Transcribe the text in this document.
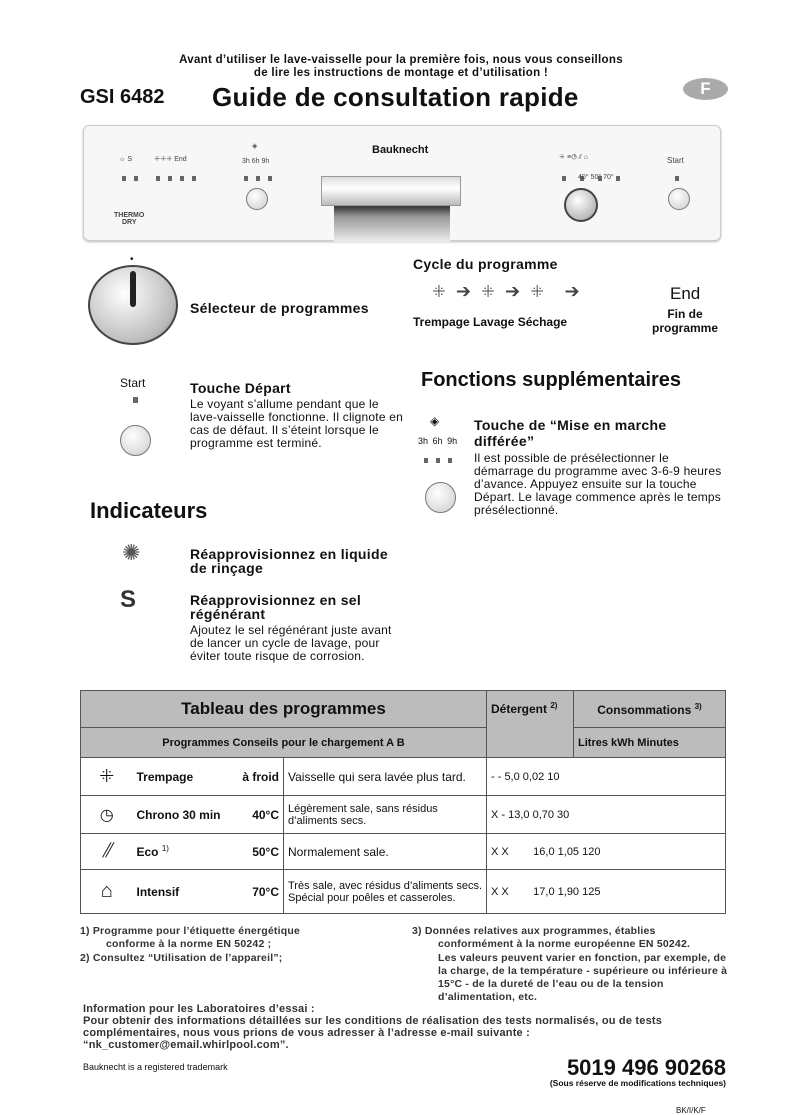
Avant d’utiliser le lave-vaisselle pour la première fois, nous vous conseillons
de lire les instructions de montage et d’utilisation !
GSI 6482 Guide de consultation rapide	F
☼ S	ꔰꔰꔰ End
◈
3h 6h 9h
THERMO
DRY
Bauknecht
ꔰ ≡◷ ⫽ ⌂
40° 50° 70°
Start
•
Sélecteur de programmes
Cycle du programme
ꔰ ➔ ꔰ ➔ ꔰ  ➔	End
Trempage Lavage Séchage
Fin de programme
Start	Touche Départ
Le voyant s’allume pendant que le lave-vaisselle fonctionne. Il clignote en cas de défaut. Il s’éteint lorsque le programme est terminé.
Fonctions supplémentaires
◈
3h 6h 9h
Touche de “Mise en marche différée”
Il est possible de présélectionner le démarrage du programme avec 3-6-9 heures d’avance. Appuyez ensuite sur la touche Départ. Le lavage commence après le temps présélectionné.
Indicateurs
✺
S
Réapprovisionnez en liquide de rinçage
Réapprovisionnez en sel régénérant
Ajoutez le sel régénérant juste avant de lancer un cycle de lavage, pour éviter toute risque de corrosion.
Tableau des programmes				Détergent $^{2)}$	Consommations $^{3)}$
Programmes Conseils pour le chargement A B					Litres kWh Minutes
ꔰ	Trempage	à froid	Vaisselle qui sera lavée plus tard.	- - 5,0 0,02 10	
◷	Chrono 30 min	40°C	Légèrement sale, sans résidus d’aliments secs.	X - 13,0 0,70 30	
⫽	Eco $^{1)}$	50°C	Normalement sale.	X X        16,0 1,05 120	
⌂	Intensif	70°C	Très sale, avec résidus d’aliments secs. Spécial pour poêles et casseroles.	X X        17,0 1,90 125	
1) Programme pour l’étiquette énergétique
conforme à la norme EN 50242 ;
2) Consultez “Utilisation de l’appareil”;
3) Données relatives aux programmes, établies
conformément à la norme européenne EN 50242.
Les valeurs peuvent varier en fonction, par exemple, de la charge, de la température - supérieure ou inférieure à 15°C - de la dureté de l’eau ou de la tension d’alimentation, etc.
Information pour les Laboratoires d’essai :
Pour obtenir des informations détaillées sur les conditions de réalisation des tests normalisés, ou de tests complémentaires, nous vous prions de vous adresser à l’adresse e-mail suivante :
“nk_customer@email.whirlpool.com”.
Bauknecht is a registered trademark	5019 496 90268
(Sous réserve de modifications techniques)
BK/I/K/F
